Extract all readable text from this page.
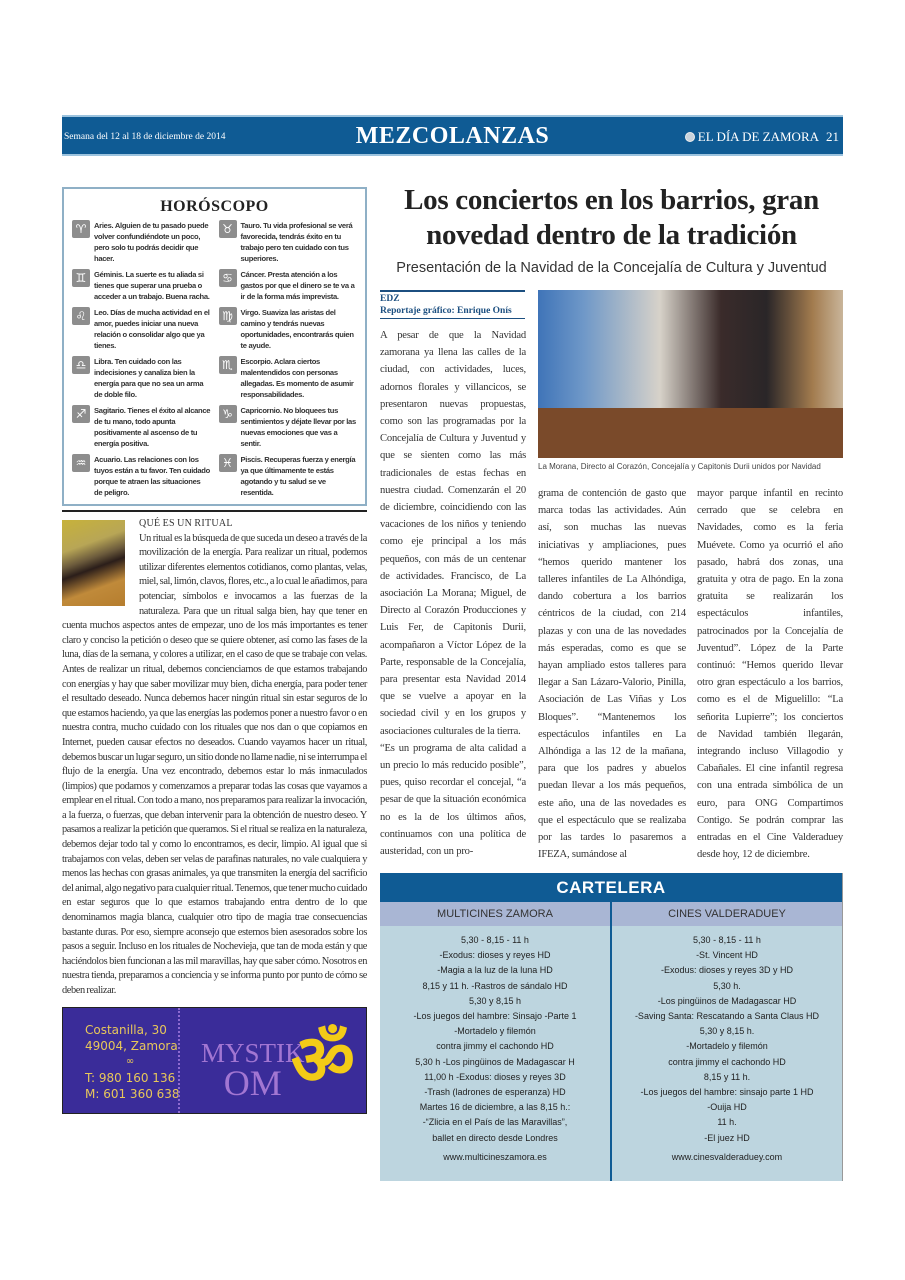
Semana del 12 al 18 de diciembre de 2014	MEZCOLANZAS	EL DÍA DE ZAMORA 21
HORÓSCOPO
♈	Aries. Alguien de tu pasado puede volver confundiéndote un poco, pero solo tu podrás decidir que hacer.
♉	Tauro. Tu vida profesional se verá favorecida, tendrás éxito en tu trabajo pero ten cuidado con tus superiores.
♊	Géminis. La suerte es tu aliada si tienes que superar una prueba o acceder a un trabajo. Buena racha.
♋	Cáncer. Presta atención a los gastos por que el dinero se te va a ir de la forma más imprevista.
♌	Leo. Días de mucha actividad en el amor, puedes iniciar una nueva relación o consolidar algo que ya tienes.
♍	Virgo. Suaviza las aristas del camino y tendrás nuevas oportunidades, encontrarás quien te ayude.
♎	Libra. Ten cuidado con las indecisiones y canaliza bien la energía para que no sea un arma de doble filo.
♏	Escorpio. Aclara ciertos malentendidos con personas allegadas. Es momento de asumir responsabilidades.
♐	Sagitario. Tienes el éxito al alcance de tu mano, todo apunta positivamente al ascenso de tu energía positiva.
♑	Capricornio. No bloquees tus sentimientos y déjate llevar por las nuevas emociones que vas a sentir.
♒	Acuario. Las relaciones con los tuyos están a tu favor. Ten cuidado porque te atraen las situaciones de peligro.
♓	Piscis. Recuperas fuerza y energía ya que últimamente te estás agotando y tu salud se ve resentida.
QUÉ ES UN RITUAL
Un ritual es la búsqueda de que suceda un deseo a través de la movilización de la energía. Para realizar un ritual, podemos utilizar diferentes elementos cotidianos, como plantas, velas, miel, sal, limón, clavos, flores, etc., a lo cual le añadimos, para potenciar, símbolos e invocamos a las fuerzas de la naturaleza. Para que un ritual salga bien, hay que tener en cuenta muchos aspectos antes de empezar, uno de los más importantes es tener claro y conciso la petición o deseo que se quiere obtener, así como las fases de la luna, días de la semana, y colores a utilizar, en el caso de que se trabaje con velas. Antes de realizar un ritual, debemos concienciarnos de que estamos trabajando con energías y hay que saber movilizar muy bien, dicha energía, para poder tener el resultado deseado. Nunca debemos hacer ningún ritual sin estar seguros de lo que estamos haciendo, ya que las energías las podemos poner a nuestro favor o en nuestra contra, mucho cuidado con los rituales que nos dan o que copiamos en Internet, pueden causar efectos no deseados. Cuando vayamos hacer un ritual, debemos buscar un lugar seguro, un sitio donde no llame nadie, ni se interrumpa el flujo de la energía. Una vez encontrado, debemos estar lo más inmaculados (limpios) que podamos y comenzamos a preparar todas las cosas que vayamos a emplear en el ritual. Con todo a mano, nos preparamos para realizar la invocación, a la fuerza, o fuerzas, que deban intervenir para la obtención de nuestro deseo. Y pasamos a realizar la petición que queramos. Si el ritual se realiza en la naturaleza, debemos dejar todo tal y como lo encontramos, es decir, limpio. Al igual que si trabajamos con velas, deben ser velas de parafinas naturales, no vale cualquiera y menos las hechas con grasas animales, ya que transmiten la energía del sacrificio del animal, algo negativo para cualquier ritual. Tenemos, que tener mucho cuidado en estar seguros que lo que estamos trabajando entra dentro de lo que denominamos magia blanca, cualquier otro tipo de magia trae consecuencias bastante duras. Por eso, siempre aconsejo que estemos bien asesorados sobre los pasos a seguir. Incluso en los rituales de Nochevieja, que tan de moda están y que haciéndolos bien funcionan a las mil maravillas, hay que saber cómo. Nosotros en nuestra tienda, preparamos a conciencia y se informa punto por punto de cómo se deben realizar.
Costanilla, 30
49004, Zamora
∞
T: 980 160 136
M: 601 360 638
MYSTIK
OM ॐ
Los conciertos en los barrios, gran novedad dentro de la tradición
Presentación de la Navidad de la Concejalía de Cultura y Juventud
EDZ
Reportaje gráfico: Enrique Onís

A pesar de que la Navidad zamorana ya llena las calles de la ciudad, con actividades, luces, adornos florales y villancicos, se presentaron nuevas propuestas, como son las programadas por la Concejalía de Cultura y Juventud y que se sienten como las más tradicionales de estas fechas en nuestra ciudad. Comenzarán el 20 de diciembre, coincidiendo con las vacaciones de los niños y teniendo como eje principal a los más pequeños, con más de un centenar de actividades. Francisco, de La asociación La Morana; Miguel, de Directo al Corazón Producciones y Luis Fer, de Capitonis Durii, acompañaron a Víctor López de la Parte, responsable de la Concejalía, para presentar esta Navidad 2014 que se vuelve a apoyar en la sociedad civil y en los grupos y asociaciones culturales de la tierra.

“Es un programa de alta calidad a un precio lo más reducido posible”, pues, quiso recordar el concejal, “a pesar de que la situación económica no es la de los últimos años, continuamos con una política de austeridad, con un pro-

La Morana, Directo al Corazón, Concejalía y Capitonis Durii unidos por Navidad
grama de contención de gasto que marca todas las actividades. Aún así, son muchas las nuevas iniciativas y ampliaciones, pues “hemos querido mantener los talleres infantiles de La Alhóndiga, dando cobertura a los barrios céntricos de la ciudad, con 214 plazas y con una de las novedades más esperadas, como es que se hayan ampliado estos talleres para llegar a San Lázaro-Valorio, Pinilla, Asociación de Las Viñas y Los Bloques”. “Mantenemos los espectáculos infantiles en La Alhóndiga a las 12 de la mañana, para que los padres y abuelos puedan llevar a los más pequeños, este año, una de las novedades es que el espectáculo que se realizaba por las tardes lo pasaremos a IFEZA, sumándose al
mayor parque infantil en recinto cerrado que se celebra en Navidades, como es la feria Muévete. Como ya ocurrió el año pasado, habrá dos zonas, una gratuita y otra de pago. En la zona gratuita se realizarán los espectáculos infantiles, patrocinados por la Concejalía de Juventud”. López de la Parte continuó: “Hemos querido llevar otro gran espectáculo a los barrios, como es el de Miguelillo: “La señorita Lupierre”; los conciertos de Navidad también llegarán, integrando incluso Villagodio y Cabañales. El cine infantil regresa con una entrada simbólica de un euro, para ONG Compartimos Contigo. Se podrán comprar las entradas en el Cine Valderaduey desde hoy, 12 de diciembre.
CARTELERA
MULTICINES ZAMORA
5,30 - 8,15 - 11 h
-Exodus: dioses y reyes HD
-Magia a la luz de la luna HD
8,15 y 11 h. -Rastros de sándalo HD
5,30 y 8,15 h
-Los juegos del hambre: Sinsajo -Parte 1
-Mortadelo y filemón
contra jimmy el cachondo HD
5,30 h -Los pingüinos de Madagascar H
11,00 h -Exodus: dioses y reyes 3D
-Trash (ladrones de esperanza) HD
Martes 16 de diciembre, a las 8,15 h.:
-“Zlicia en el País de las Maravillas”,
ballet en directo desde Londres
www.multicineszamora.es
CINES VALDERADUEY
5,30 - 8,15 - 11 h
-St. Vincent HD
-Exodus: dioses y reyes 3D y HD
5,30 h.
-Los pingüinos de Madagascar HD
-Saving Santa: Rescatando a Santa Claus HD
5,30 y 8,15 h.
-Mortadelo y filemón
contra jimmy el cachondo HD
8,15 y 11 h.
-Los juegos del hambre: sinsajo parte 1 HD
-Ouija HD
11 h.
-El juez HD
www.cinesvalderaduey.com
